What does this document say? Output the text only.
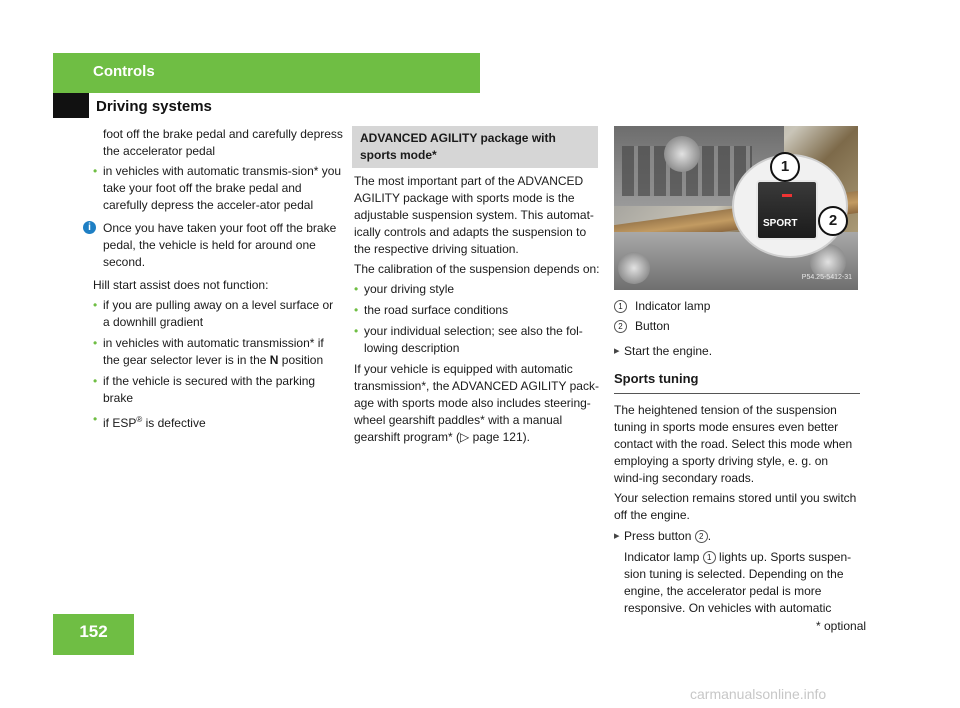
Controls
Driving systems

foot off the brake pedal and carefully depress the accelerator pedal

• in vehicles with automatic transmis-sion* you take your foot off the brake pedal and carefully depress the acceler-ator pedal
i	Once you have taken your foot off the brake pedal, the vehicle is held for around one second.

Hill start assist does not function:

• if you are pulling away on a level surface or a downhill gradient
• in vehicles with automatic transmission* if the gear selector lever is in the N position
• if the vehicle is secured with the parking brake
• if ESP® is defective
ADVANCED AGILITY package with sports mode*

The most important part of the ADVANCED AGILITY package with sports mode is the adjustable suspension system. This automat-ically controls and adapts the suspension to the respective driving situation.

The calibration of the suspension depends on:

• your driving style
• the road surface conditions
• your individual selection; see also the fol-lowing description

If your vehicle is equipped with automatic transmission*, the ADVANCED AGILITY pack-age with sports mode also includes steering-wheel gearshift paddles* with a manual gearshift program* (▷ page 121).

SPORT
1
2
P54.25-5412-31
1 Indicator lamp
2 Button
▸ Start the engine.
Sports tuning

The heightened tension of the suspension tuning in sports mode ensures even better contact with the road. Select this mode when employing a sporty driving style, e. g. on wind-ing secondary roads.

Your selection remains stored until you switch off the engine.

▸ Press button 2 .

Indicator lamp 1 lights up. Sports suspen-sion tuning is selected. Depending on the engine, the accelerator pedal is more responsive. On vehicles with automatic

152	* optional
carmanualsonline.info
